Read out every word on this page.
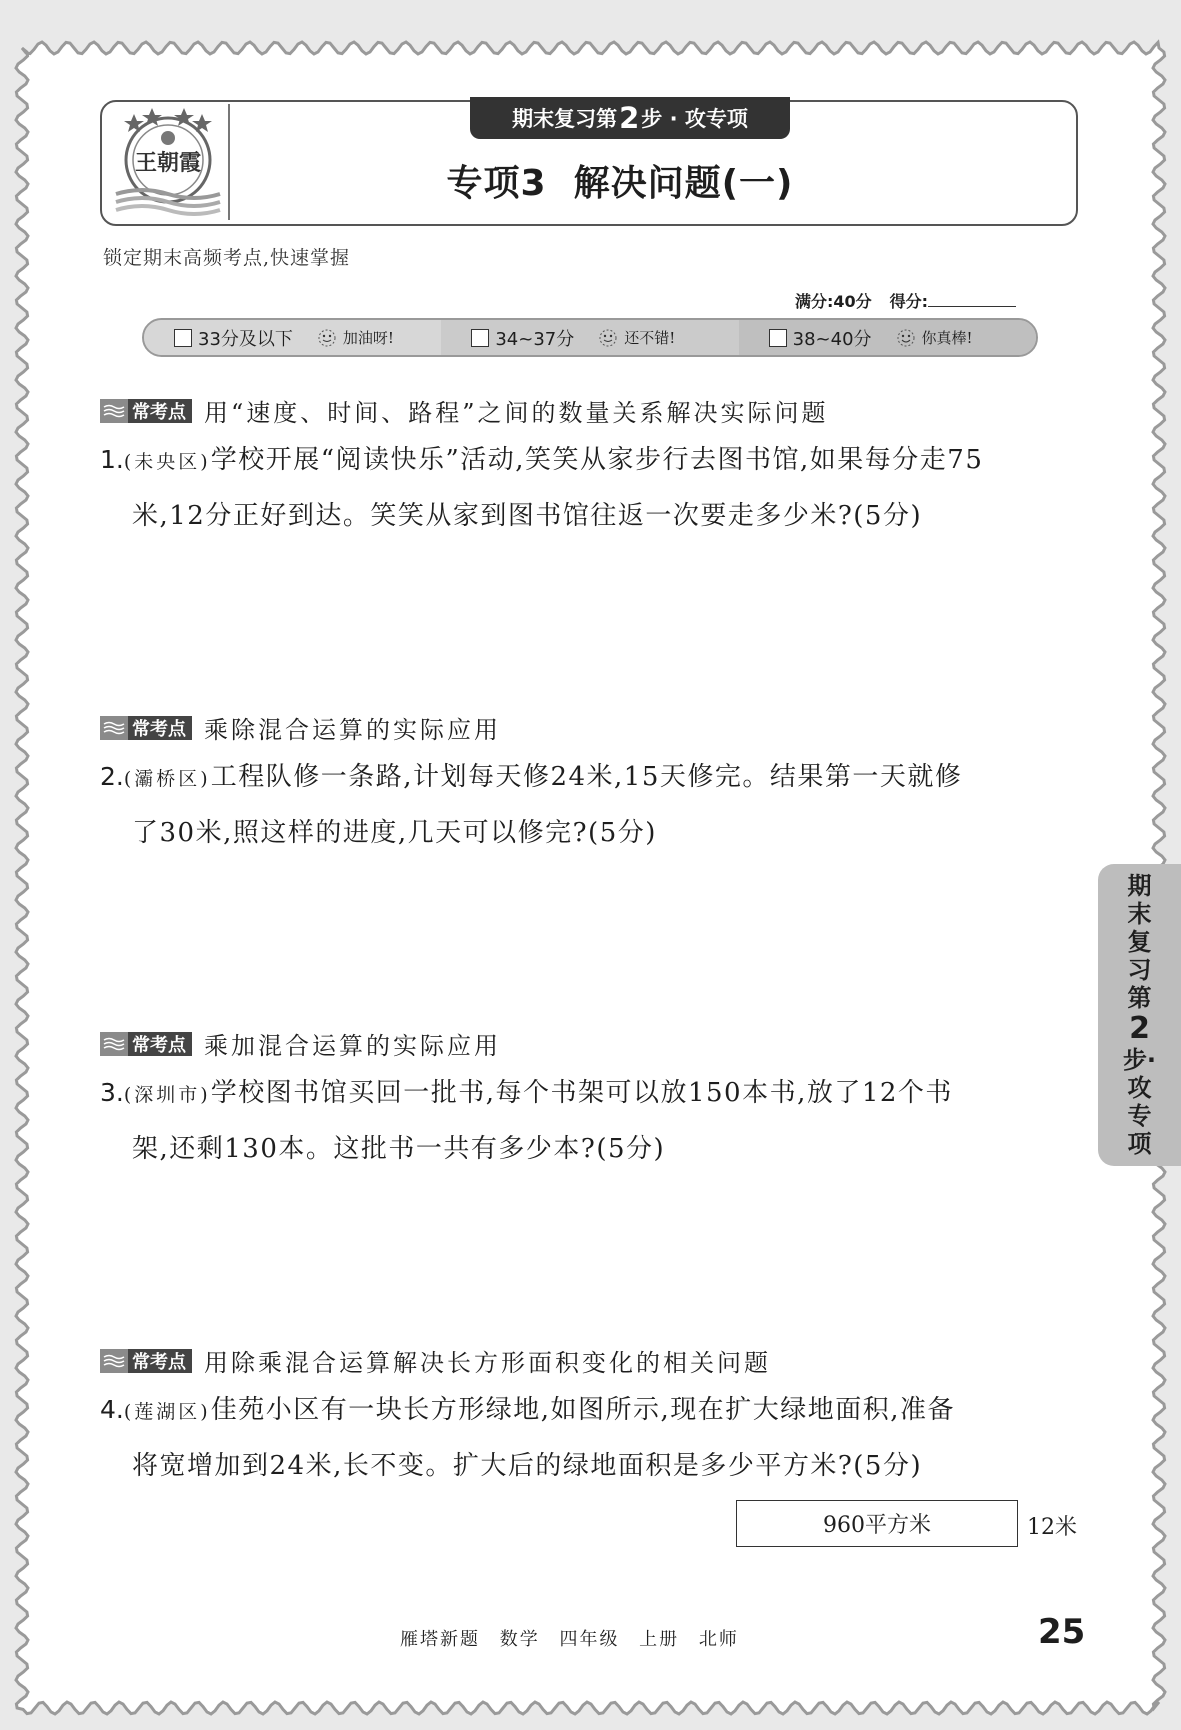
期末复习第 2 步 · 攻专项
王朝霞	专项3  解决问题(一)
锁定期末高频考点,快速掌握
满分:40分 得分:
33分及以下	加油呀!	34~37分	还不错!	38~40分	你真棒!
常考点 用“速度、时间、路程”之间的数量关系解决实际问题
1.(未央区)学校开展“阅读快乐”活动,笑笑从家步行去图书馆,如果每分走75
米,12分正好到达。笑笑从家到图书馆往返一次要走多少米?(5分)
常考点 乘除混合运算的实际应用
2.(灞桥区)工程队修一条路,计划每天修24米,15天修完。结果第一天就修
了30米,照这样的进度,几天可以修完?(5分)
常考点 乘加混合运算的实际应用
3.(深圳市)学校图书馆买回一批书,每个书架可以放150本书,放了12个书
架,还剩130本。这批书一共有多少本?(5分)
常考点 用除乘混合运算解决长方形面积变化的相关问题
4.(莲湖区)佳苑小区有一块长方形绿地,如图所示,现在扩大绿地面积,准备
将宽增加到24米,长不变。扩大后的绿地面积是多少平方米?(5分)
960平方米	12米
期
末
复
习
第
2
步·
攻
专
项
雁塔新题 数学 四年级 上册 北师	25
